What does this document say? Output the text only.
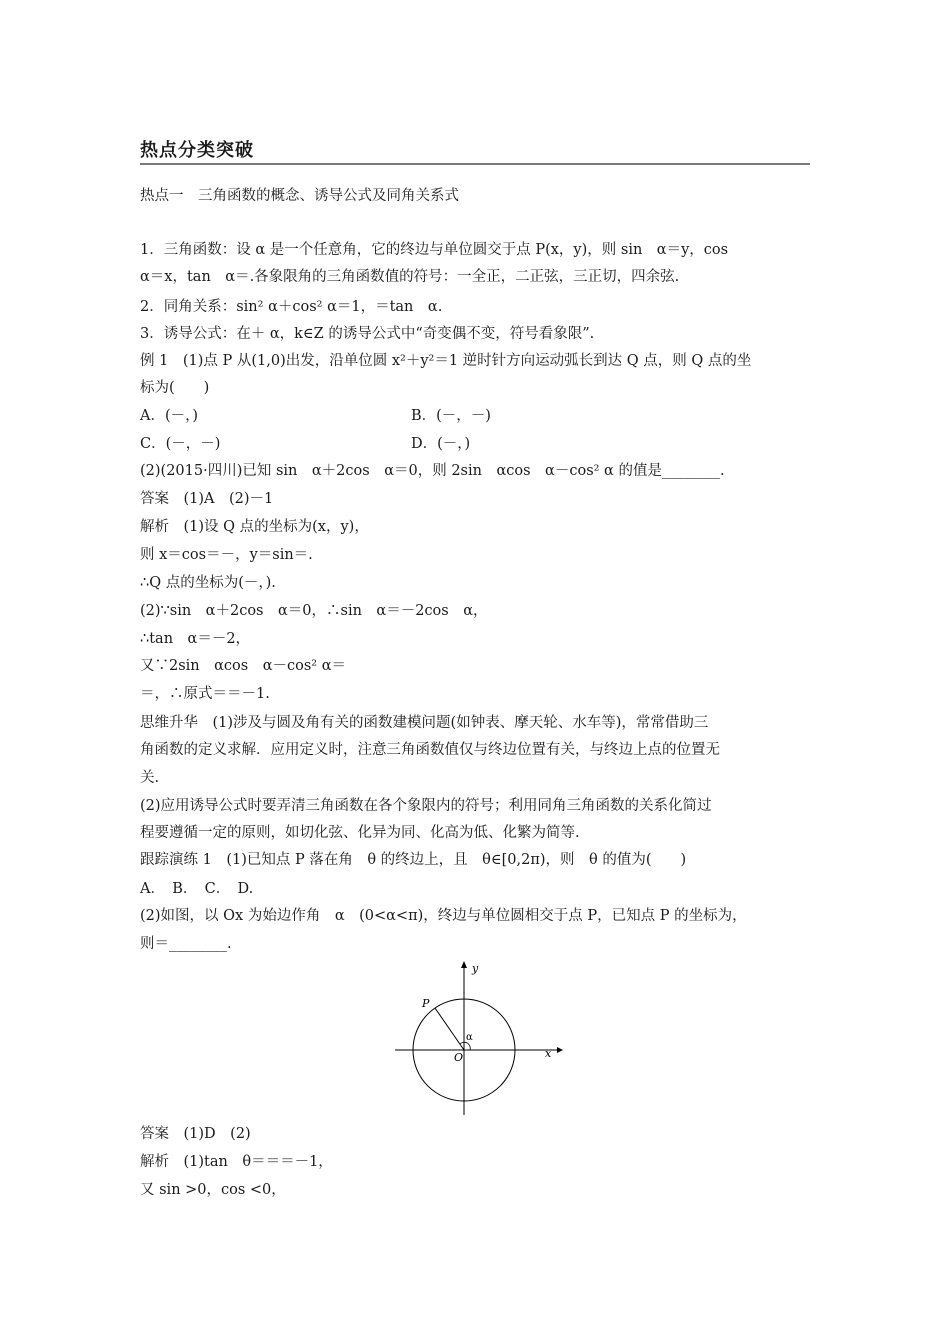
热点分类突破
热点一　三角函数的概念、诱导公式及同角关系式
1．三角函数：设 α 是一个任意角，它的终边与单位圆交于点 P(x，y)，则 sin　α＝y，cos
α＝x，tan　α＝.各象限角的三角函数值的符号：一全正，二正弦，三正切，四余弦.
2．同角关系：sin² α＋cos² α＝1，＝tan　α.
3．诱导公式：在＋ α，k∈Z 的诱导公式中“奇变偶不变，符号看象限”.
例 1　(1)点 P 从(1,0)出发，沿单位圆 x²＋y²＝1 逆时针方向运动弧长到达 Q 点，则 Q 点的坐
标为(　　)
A．(－，)	B．(－，－)
C．(－，－)	D．(－，)
(2)(2015·四川)已知 sin　α＋2cos　α＝0，则 2sin　αcos　α－cos² α 的值是________.
答案　(1)A　(2)－1
解析　(1)设 Q 点的坐标为(x，y)，
则 x＝cos＝－，y＝sin＝.
∴Q 点的坐标为(－，).
(2)∵sin　α＋2cos　α＝0，∴sin　α＝－2cos　α，
∴tan　α＝－2，
又∵2sin　αcos　α－cos² α＝
＝，∴原式＝＝－1.
思维升华　(1)涉及与圆及角有关的函数建模问题(如钟表、摩天轮、水车等)，常常借助三
角函数的定义求解．应用定义时，注意三角函数值仅与终边位置有关，与终边上点的位置无
关.
(2)应用诱导公式时要弄清三角函数在各个象限内的符号；利用同角三角函数的关系化简过
程要遵循一定的原则，如切化弦、化异为同、化高为低、化繁为简等.
跟踪演练 1　(1)已知点 P 落在角　θ 的终边上，且　θ∈[0,2π)，则　θ 的值为(　　)
A．　B．　C．　D.
(2)如图，以 Ox 为始边作角　α　(0<α<π)，终边与单位圆相交于点 P，已知点 P 的坐标为，
则＝________.
y
x
O
P
α
答案　(1)D　(2)
解析　(1)tan　θ＝＝＝－1，
又 sin >0，cos <0，
